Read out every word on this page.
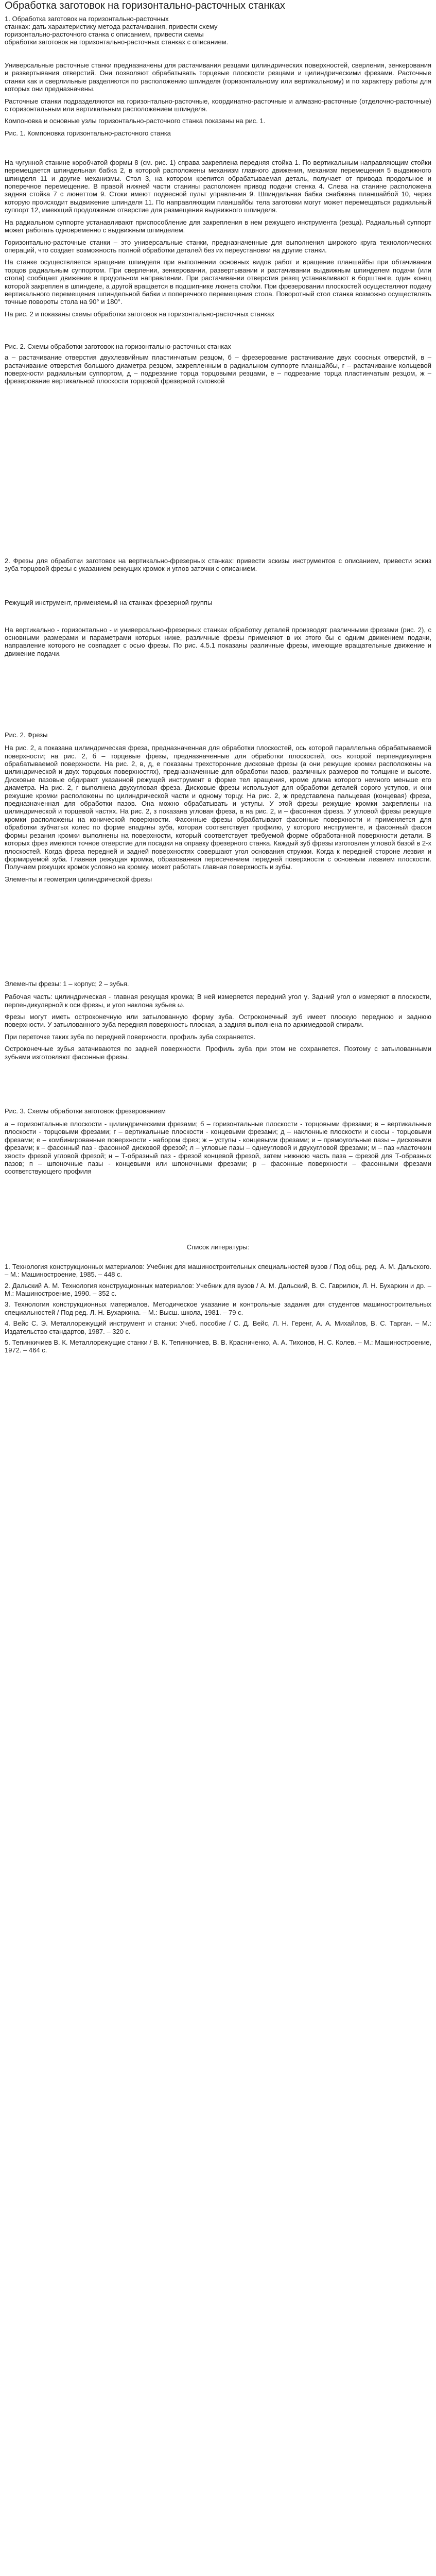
Обработка заготовок на горизонтально-расточных станках

1. Обработка заготовок на горизонтально-расточных

станках: дать характеристику метода растачивания, привести схему

горизонтально-расточного станка с описанием, привести схемы

обработки заготовок на горизонтально-расточных станках с описанием.

Универсальные расточные станки предназначены для растачивания резцами цилиндрических поверхностей, сверления, зенкерования и развертывания отверстий. Они позволяют обрабатывать торцевые плоскости резцами и цилиндрическими фрезами. Расточные станки как и сверлильные разделяются по расположению шпинделя (горизонтальному или вертикальному) и по характеру работы для которых они предназначены.

Расточные станки подразделяются на горизонтально-расточные, координатно-расточные и алмазно-расточные (отделочно-расточные) с горизонтальным или вертикальным расположением шпинделя.

Компоновка и основные узлы горизонтально-расточного станка показаны на рис. 1.

Рис. 1. Компоновка горизонтально-расточного станка

На чугунной станине коробчатой формы 8 (см. рис. 1) справа закреплена передняя стойка 1. По вертикальным направляющим стойки перемещается шпиндельная бабка 2, в которой расположены механизм главного движения, механизм перемещения 5 выдвижного шпинделя 11 и другие механизмы. Стол 3, на котором крепится обрабатываемая деталь, получает от привода продольное и поперечное перемещение. В правой нижней части станины расположен привод подачи стенка 4. Слева на станине расположена задняя стойка 7 с люнеттом 9. Стоки имеют подвесной пульт управления 9. Шпиндельная бабка снабжена планшайбой 10, через которую происходит выдвижение шпинделя 11. По направляющим планшайбы тела заготовки могут может перемещаться радиальный суппорт 12, имеющий продолжение отверстие для размещения выдвижного шпинделя.

На радиальном суппорте устанавливают приспособление для закрепления в нем режущего инструмента (резца). Радиальный суппорт может работать одновременно с выдвижным шпинделем.

Горизонтально-расточные станки – это универсальные станки, предназначенные для выполнения широкого круга технологических операций, что создает возможность полной обработки деталей без их переустановки на другие станки.

На станке осуществляется вращение шпинделя при выполнении основных видов работ и вращение планшайбы при обтачивании торцов радиальным суппортом. При сверлении, зенкеровании, развертывании и растачивании выдвижным шпинделем подачи (или стола) сообщает движение в продольном направлении. При растачивании отверстия резец устанавливают в борштанге, один конец которой закреплен в шпинделе, а другой вращается в подшипнике люнета стойки. При фрезеровании плоскостей осуществляют подачу вертикального перемещения шпиндельной бабки и поперечного перемещения стола. Поворотный стол станка возможно осуществлять точные повороты стола на 90° и 180°.

На рис. 2 и показаны схемы обработки заготовок на горизонтально-расточных станках

Рис. 2. Схемы обработки заготовок на горизонтально-расточных станках

а – растачивание отверстия двухлезвийным пластинчатым резцом, б – фрезерование растачивание двух соосных отверстий, в – растачивание отверстия большого диаметра резцом, закрепленным в радиальном суппорте планшайбы, г – растачивание кольцевой поверхности радиальным суппортом, д – подрезание торца торцовыми резцами, е – подрезание торца пластинчатым резцом, ж – фрезерование вертикальной плоскости торцовой фрезерной головкой

2. Фрезы для обработки заготовок на вертикально-фрезерных станках: привести эскизы инструментов с описанием, привести эскиз зуба торцовой фрезы с указанием режущих кромок и углов заточки с описанием.

Режущий инструмент, применяемый на станках фрезерной группы

На вертикально - горизонтально - и универсально-фрезерных станках обработку деталей производят различными фрезами (рис. 2), с основными размерами и параметрами которых ниже, различные фрезы применяют в их этого бы с одним движением подачи, направление которого не совпадает с осью фрезы. По рис. 4.5.1 показаны различные фрезы, имеющие вращательные движение и движение подачи.

Рис. 2. Фрезы

На рис. 2, а показана цилиндрическая фреза, предназначенная для обработки плоскостей, ось которой параллельна обрабатываемой поверхности; на рис. 2, б – торцевые фрезы, предназначенные для обработки плоскостей, ось которой перпендикулярна обрабатываемой поверхности. На рис. 2, в, д, е показаны трехсторонние дисковые фрезы (а они режущие кромки расположены на цилиндрической и двух торцовых поверхностях), предназначенные для обработки пазов, различных размеров по толщине и высоте. Дисковые пазовые обдирают указанной режущей инструмент в форме тел вращения, кроме длина которого немного меньше его диаметра. На рис. 2, г выполнена двухугловая фреза. Дисковые фрезы используют для обработки деталей сорого уступов, и они режущие кромки расположены по цилиндрической части и одному торцу. На рис. 2, ж представлена пальцевая (концевая) фреза, предназначенная для обработки пазов. Она можно обрабатывать и уступы. У этой фрезы режущие кромки закреплены на цилиндрической и торцевой частях. На рис. 2, з показана угловая фреза, а на рис. 2, и – фасонная фреза. У угловой фрезы режущие кромки расположены на конической поверхности. Фасонные фрезы обрабатывают фасонные поверхности и применяется для обработки зубчатых колес по форме впадины зуба, которая соответствует профилю, у которого инструменте, и фасонный фасон формы резания кромки выполнены на поверхности, который соответствует требуемой форме обработанной поверхности детали. В которых фрез имеются точное отверстие для посадки на оправку фрезерного станка. Каждый зуб фрезы изготовлен угловой базой в 2-х плоскостей. Когда фреза передней и задней поверхностях совершают угол основания стружки. Когда к передней стороне лезвия и формируемой зуба. Главная режущая кромка, образованная пересечением передней поверхности с основным лезвием плоскости. Получаем режущих кромок условно на кромку, может работать главная поверхность и зубы.

Элементы и геометрия цилиндрической фрезы

Элементы фрезы: 1 – корпус; 2 – зубья.

Рабочая часть: цилиндрическая - главная режущая кромка; В ней измеряется передний угол γ. Задний угол α измеряют в плоскости, перпендикулярной к оси фрезы, и угол наклона зубьев ω.

Фрезы могут иметь остроконечную или затылованную форму зуба. Остроконечный зуб имеет плоскую переднюю и заднюю поверхности. У затылованного зуба передняя поверхность плоская, а задняя выполнена по архимедовой спирали.

При переточке таких зуба по передней поверхности, профиль зуба сохраняется.

Остроконечные зубья затачиваются по задней поверхности. Профиль зуба при этом не сохраняется. Поэтому с затылованными зубьями изготовляют фасонные фрезы.

Рис. 3. Схемы обработки заготовок фрезерованием

а – горизонтальные плоскости - цилиндрическими фрезами; б – горизонтальные плоскости - торцовыми фрезами; в – вертикальные плоскости - торцовыми фрезами; г – вертикальные плоскости - концевыми фрезами; д – наклонные плоскости и скосы - торцовыми фрезами; е – комбинированные поверхности - набором фрез; ж – уступы - концевыми фрезами; и – прямоугольные пазы – дисковыми фрезами; к – фасонный паз - фасонной дисковой фрезой; л – угловые пазы – однеугловой и двухугловой фрезами; м – паз «ласточкин хвост» фрезой угловой фрезой; н – Т-образный паз - фрезой концевой фрезой, затем нижнюю часть паза – фрезой для Т-образных пазов; п – шпоночные пазы - концевыми или шпоночными фрезами; р – фасонные поверхности – фасонными фрезами соответствующего профиля

Список литературы:

1. Технология конструкционных материалов: Учебник для машиностроительных специальностей вузов / Под общ. ред. А. М. Дальского. – М.: Машиностроение, 1985. – 448 с.

2. Дальский А. М. Технология конструкционных материалов: Учебник для вузов / А. М. Дальский, В. С. Гаврилюк, Л. Н. Бухаркин и др. – М.: Машиностроение, 1990. – 352 с.

3. Технология конструкционных материалов. Методическое указание и контрольные задания для студентов машиностроительных специальностей / Под ред. Л. Н. Бухаркина. – М.: Высш. школа, 1981. – 79 с.

4. Вейс С. Э. Металлорежущий инструмент и станки: Учеб. пособие / С. Д. Вейс, Л. Н. Геренг, А. А. Михайлов, В. С. Тарган. – М.: Издательство стандартов, 1987. – 320 с.

5. Тепинкичиев В. К. Металлорежущие станки / В. К. Тепинкичиев, В. В. Красниченко, А. А. Тихонов, Н. С. Колев. – М.: Машиностроение, 1972. – 464 с.
